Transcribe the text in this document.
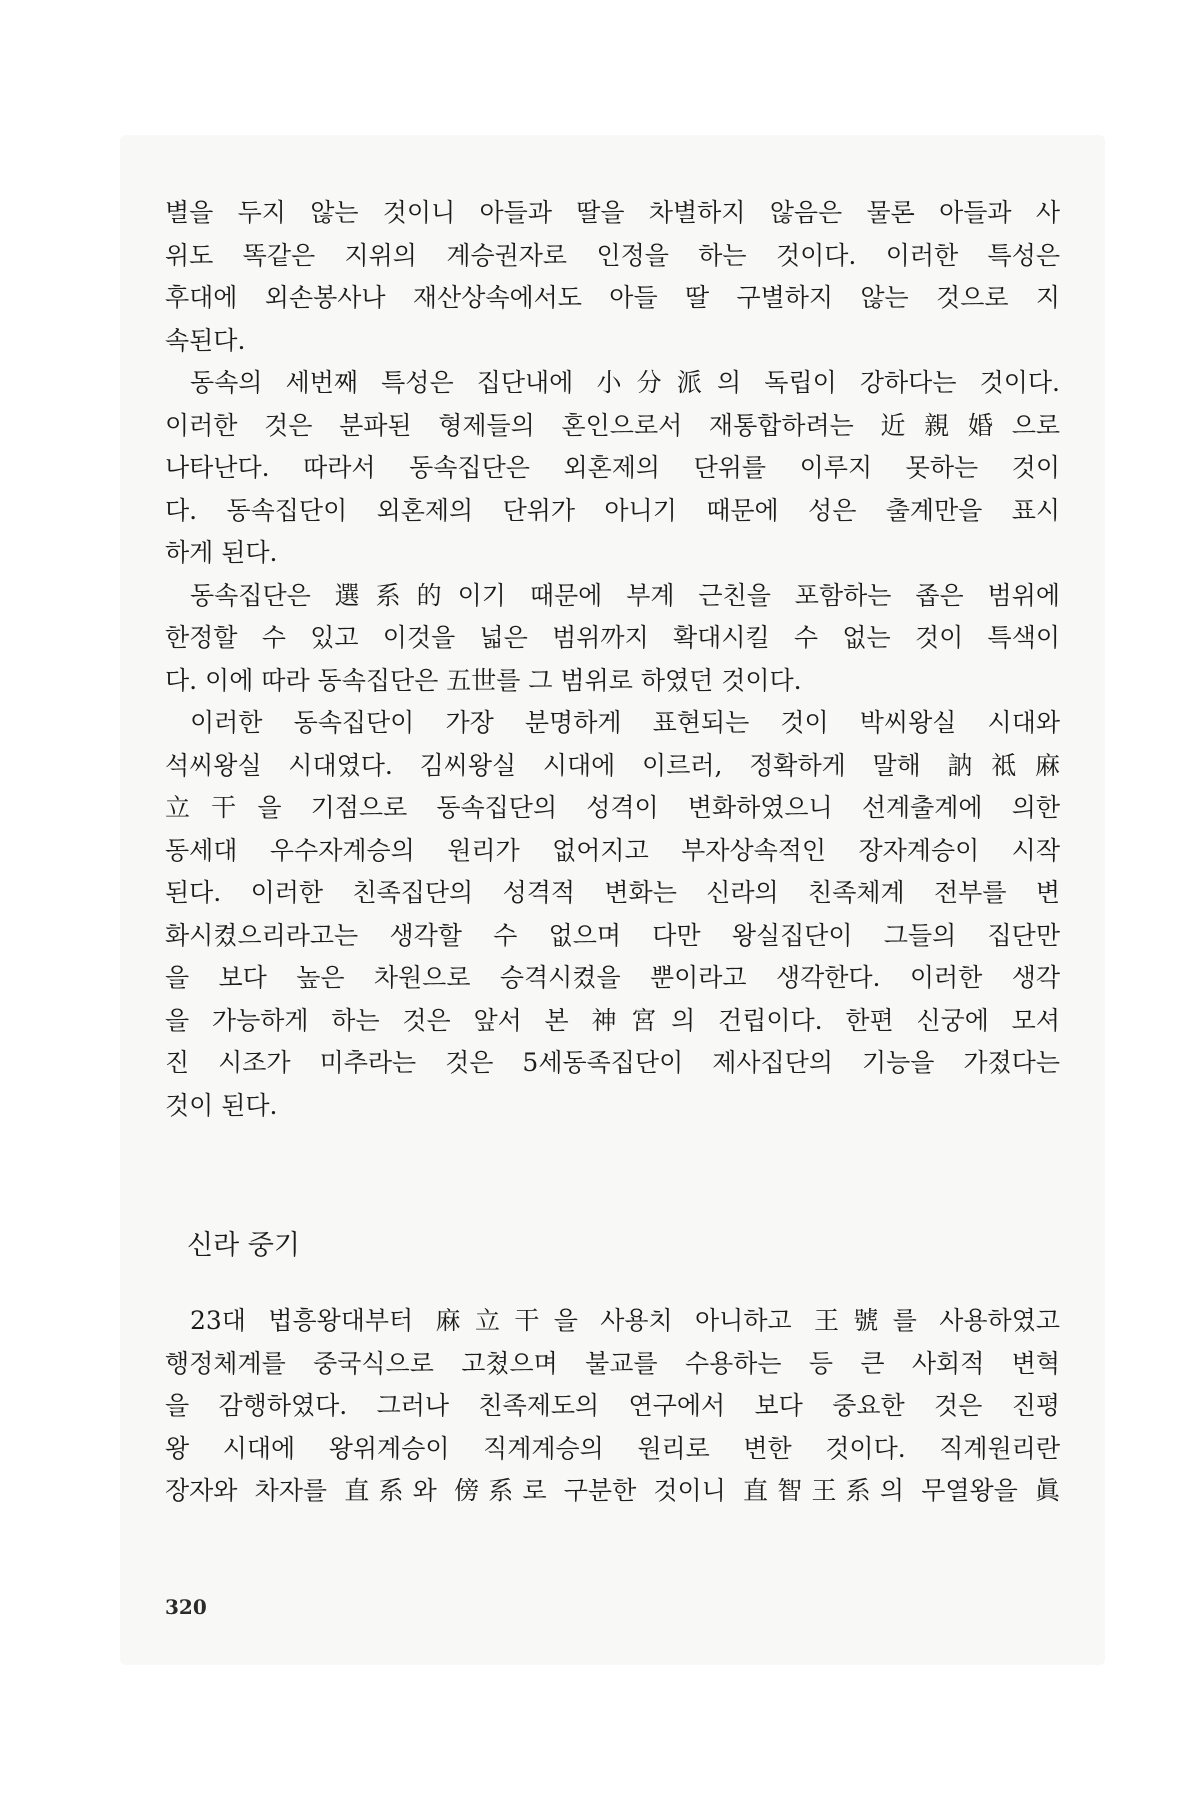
별을 두지 않는 것이니 아들과 딸을 차별하지 않음은 물론 아들과 사
위도 똑같은 지위의 계승권자로 인정을 하는 것이다. 이러한 특성은
후대에 외손봉사나 재산상속에서도 아들 딸 구별하지 않는 것으로 지
속된다.
동속의 세번째 특성은 집단내에 小分派의 독립이 강하다는 것이다.
이러한 것은 분파된 형제들의 혼인으로서 재통합하려는 近親婚으로
나타난다. 따라서 동속집단은 외혼제의 단위를 이루지 못하는 것이
다. 동속집단이 외혼제의 단위가 아니기 때문에 성은 출계만을 표시
하게 된다.
동속집단은 選系的이기 때문에 부계 근친을 포함하는 좁은 범위에
한정할 수 있고 이것을 넓은 범위까지 확대시킬 수 없는 것이 특색이
다. 이에 따라 동속집단은 五世를 그 범위로 하였던 것이다.
이러한 동속집단이 가장 분명하게 표현되는 것이 박씨왕실 시대와
석씨왕실 시대였다. 김씨왕실 시대에 이르러, 정확하게 말해 訥祗麻
立干을 기점으로 동속집단의 성격이 변화하였으니 선계출계에 의한
동세대 우수자계승의 원리가 없어지고 부자상속적인 장자계승이 시작
된다. 이러한 친족집단의 성격적 변화는 신라의 친족체계 전부를 변
화시켰으리라고는 생각할 수 없으며 다만 왕실집단이 그들의 집단만
을 보다 높은 차원으로 승격시켰을 뿐이라고 생각한다. 이러한 생각
을 가능하게 하는 것은 앞서 본 神宮의 건립이다. 한편 신궁에 모셔
진 시조가 미추라는 것은 5세동족집단이 제사집단의 기능을 가졌다는
것이 된다.
신라 중기
23대 법흥왕대부터 麻立干을 사용치 아니하고 王號를 사용하였고
행정체계를 중국식으로 고쳤으며 불교를 수용하는 등 큰 사회적 변혁
을 감행하였다. 그러나 친족제도의 연구에서 보다 중요한 것은 진평
왕 시대에 왕위계승이 직계계승의 원리로 변한 것이다. 직계원리란
장자와 차자를 直系와 傍系로 구분한 것이니 直智王系의 무열왕을 眞
320
